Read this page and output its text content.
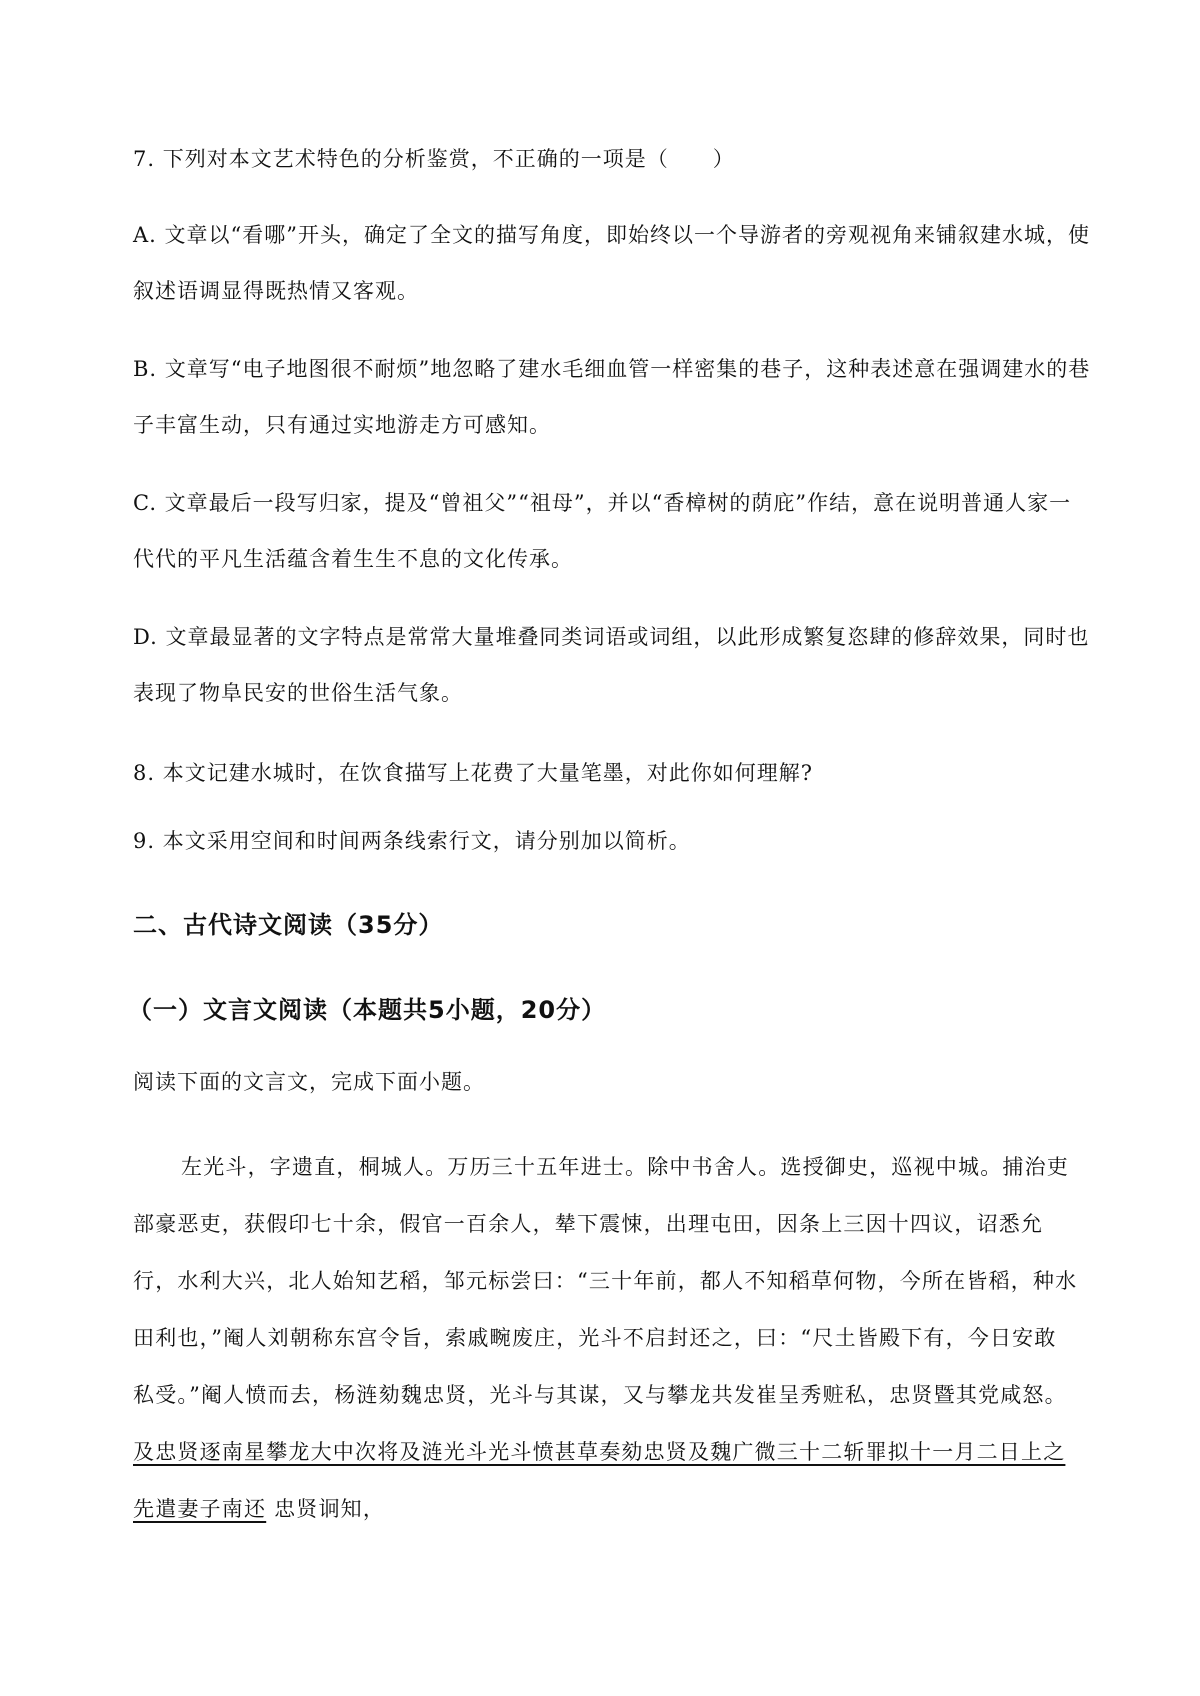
7. 下列对本文艺术特色的分析鉴赏，不正确的一项是（　　）

A. 文章以“看哪”开头，确定了全文的描写角度，即始终以一个导游者的旁观视角来铺叙建水城，使叙述语调显得既热情又客观。

B. 文章写“电子地图很不耐烦”地忽略了建水毛细血管一样密集的巷子，这种表述意在强调建水的巷子丰富生动，只有通过实地游走方可感知。

C. 文章最后一段写归家，提及“曾祖父”“祖母”，并以“香樟树的荫庇”作结，意在说明普通人家一代代的平凡生活蕴含着生生不息的文化传承。

D. 文章最显著的文字特点是常常大量堆叠同类词语或词组，以此形成繁复恣肆的修辞效果，同时也表现了物阜民安的世俗生活气象。

8. 本文记建水城时，在饮食描写上花费了大量笔墨，对此你如何理解?

9. 本文采用空间和时间两条线索行文，请分别加以简析。

二、古代诗文阅读（35分）
（一）文言文阅读（本题共5小题，20分）

阅读下面的文言文，完成下面小题。

左光斗，字遗直，桐城人。万历三十五年进士。除中书舍人。选授御史，巡视中城。捕治吏部豪恶吏，获假印七十余，假官一百余人，辇下震悚，出理屯田，因条上三因十四议，诏悉允行，水利大兴，北人始知艺稻，邹元标尝曰：“三十年前，都人不知稻草何物，今所在皆稻，种水田利也，”阉人刘朝称东宫令旨，索戚畹废庄，光斗不启封还之，曰：“尺土皆殿下有，今日安敢私受。”阉人愤而去，杨涟劾魏忠贤，光斗与其谋，又与攀龙共发崔呈秀赃私，忠贤暨其党咸怒。及忠贤逐南星攀龙大中次将及涟光斗光斗愤甚草奏劾忠贤及魏广微三十二斩罪拟十一月二日上之先遣妻子南还 忠贤诇知，
